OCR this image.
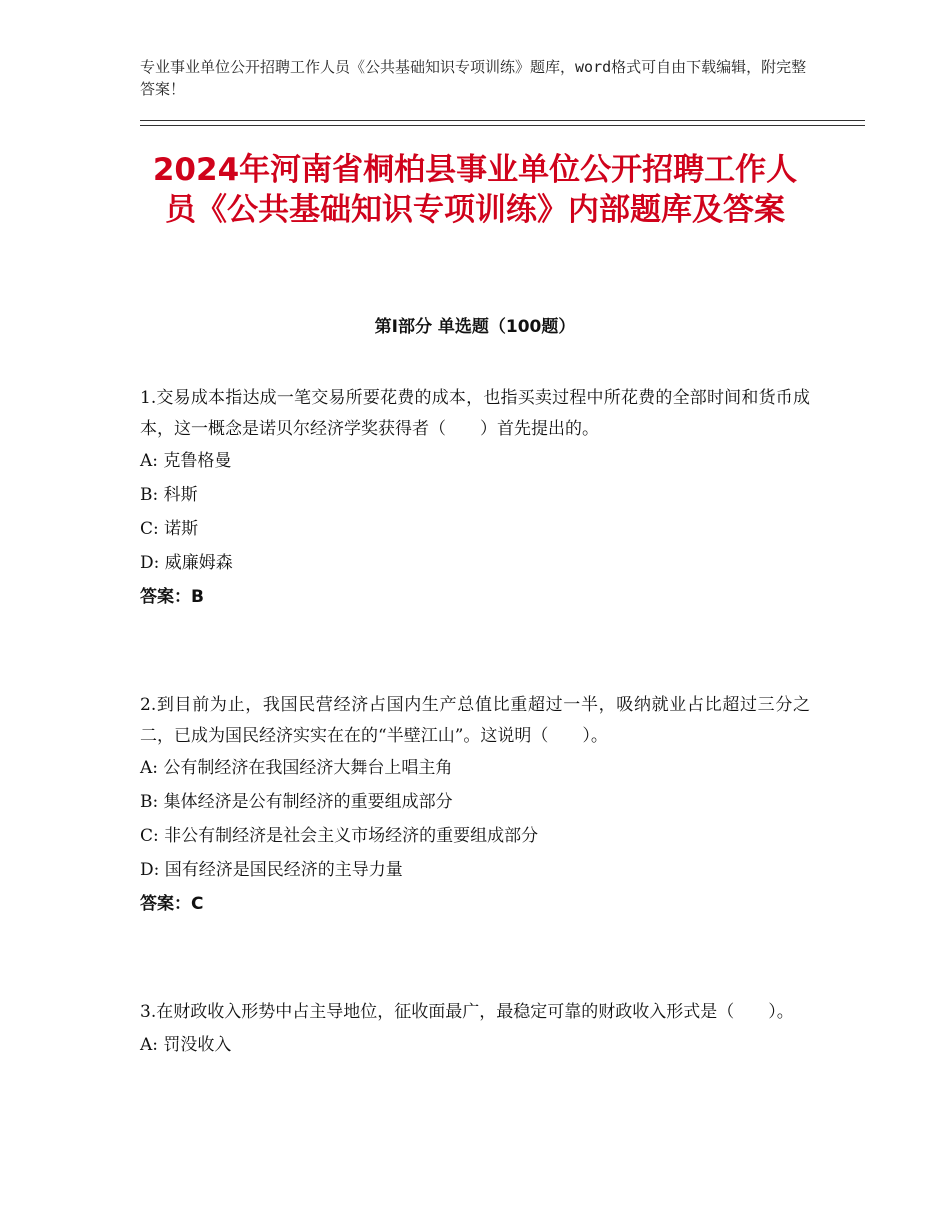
专业事业单位公开招聘工作人员《公共基础知识专项训练》题库，word格式可自由下载编辑，附完整答案！

2024年河南省桐柏县事业单位公开招聘工作人员《公共基础知识专项训练》内部题库及答案
第Ⅰ部分 单选题（100题）

1.交易成本指达成一笔交易所要花费的成本，也指买卖过程中所花费的全部时间和货币成本，这一概念是诺贝尔经济学奖获得者（　　）首先提出的。

A: 克鲁格曼

B: 科斯

C: 诺斯

D: 威廉姆森

答案：B

2.到目前为止，我国民营经济占国内生产总值比重超过一半，吸纳就业占比超过三分之二，已成为国民经济实实在在的“半壁江山”。这说明（　　）。

A: 公有制经济在我国经济大舞台上唱主角

B: 集体经济是公有制经济的重要组成部分

C: 非公有制经济是社会主义市场经济的重要组成部分

D: 国有经济是国民经济的主导力量

答案：C

3.在财政收入形势中占主导地位，征收面最广，最稳定可靠的财政收入形式是（　　）。

A: 罚没收入
